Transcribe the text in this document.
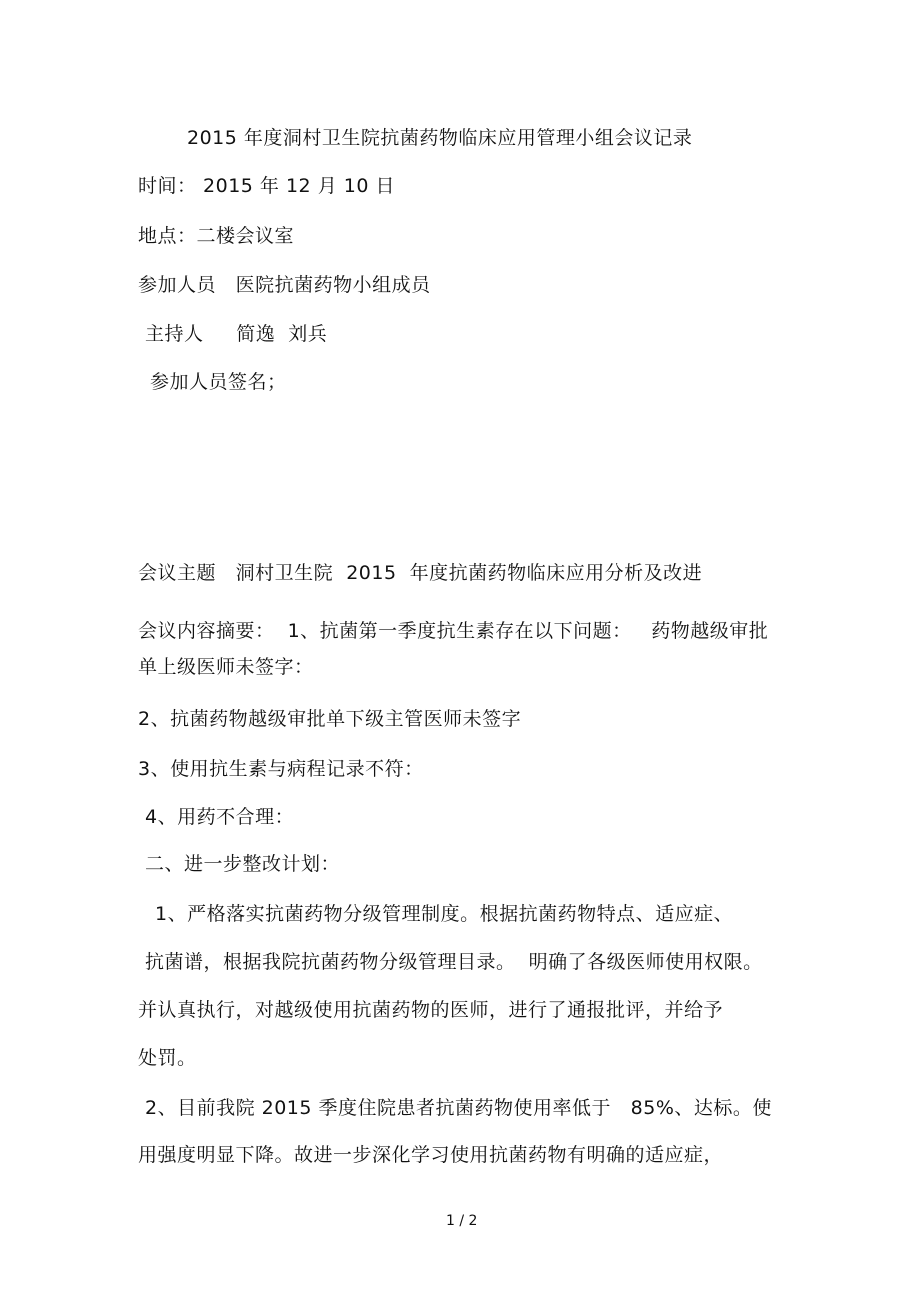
2015 年度洞村卫生院抗菌药物临床应用管理小组会议记录
时间： 2015 年 12 月 10 日
地点：二楼会议室
参加人员   医院抗菌药物小组成员
主持人     简逸  刘兵
参加人员签名；
会议主题   洞村卫生院  2015  年度抗菌药物临床应用分析及改进
会议内容摘要：  1、抗菌第一季度抗生素存在以下问题：   药物越级审批
单上级医师未签字：
2、抗菌药物越级审批单下级主管医师未签字
3、使用抗生素与病程记录不符：
4、用药不合理：
二、进一步整改计划：
1、严格落实抗菌药物分级管理制度。根据抗菌药物特点、适应症、
抗菌谱，根据我院抗菌药物分级管理目录。  明确了各级医师使用权限。
并认真执行，对越级使用抗菌药物的医师，进行了通报批评，并给予
处罚。
2、目前我院 2015 季度住院患者抗菌药物使用率低于   85%、达标。使
用强度明显下降。故进一步深化学习使用抗菌药物有明确的适应症，
1 / 2
